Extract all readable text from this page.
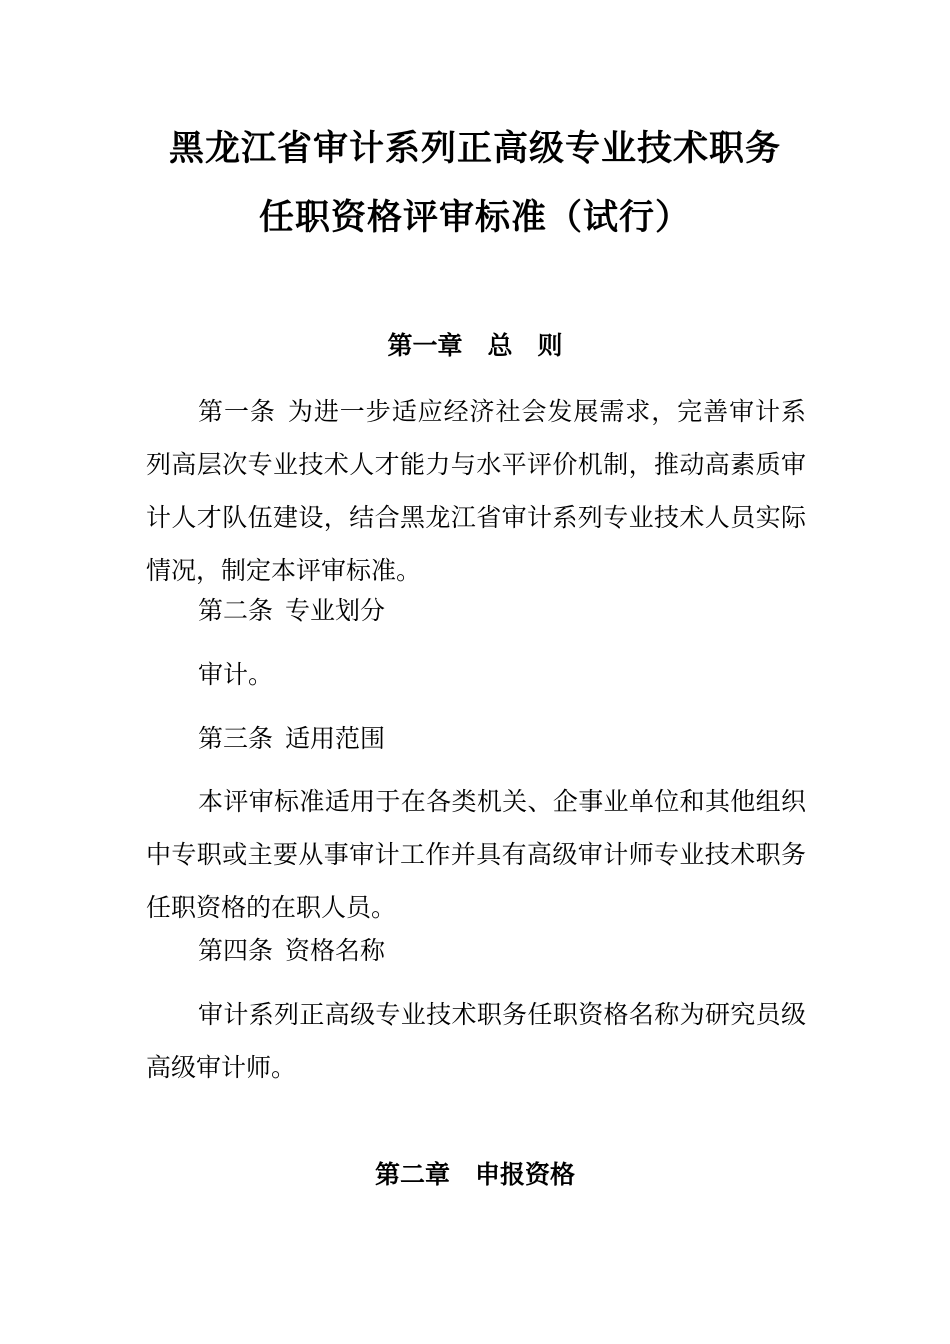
黑龙江省审计系列正高级专业技术职务
任职资格评审标准（试行）
第一章　总　则

第一条 为进一步适应经济社会发展需求，完善审计系列高层次专业技术人才能力与水平评价机制，推动高素质审计人才队伍建设，结合黑龙江省审计系列专业技术人员实际情况，制定本评审标准。

第二条 专业划分

审计。

第三条 适用范围

本评审标准适用于在各类机关、企事业单位和其他组织中专职或主要从事审计工作并具有高级审计师专业技术职务任职资格的在职人员。

第四条 资格名称

审计系列正高级专业技术职务任职资格名称为研究员级高级审计师。

第二章　申报资格
